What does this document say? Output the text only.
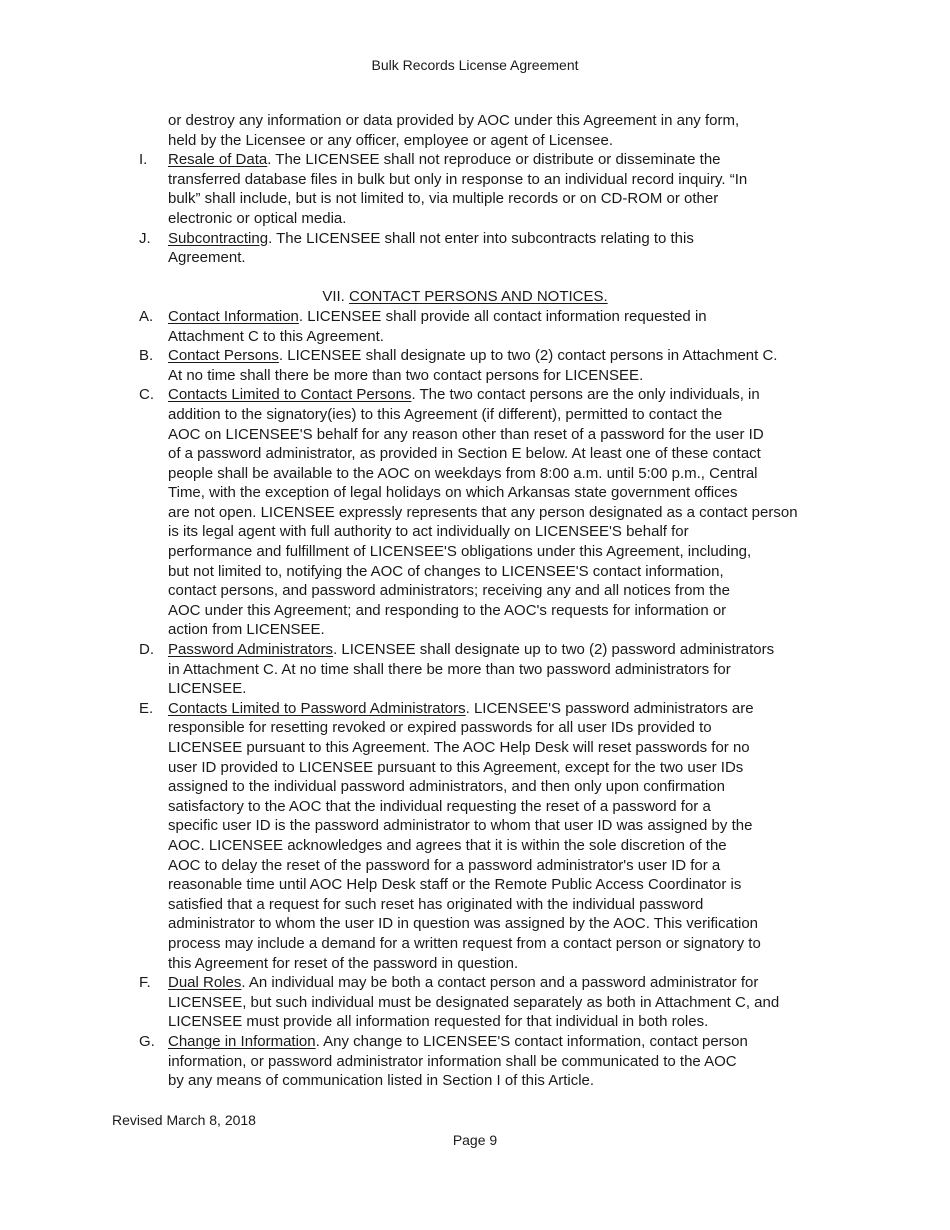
Bulk Records License Agreement
or destroy any information or data provided by AOC under this Agreement in any form,
held by the Licensee or any officer, employee or agent of Licensee.
I. Resale of Data. The LICENSEE shall not reproduce or distribute or disseminate the
transferred database files in bulk but only in response to an individual record inquiry. “In
bulk” shall include, but is not limited to, via multiple records or on CD-ROM or other
electronic or optical media.
J. Subcontracting. The LICENSEE shall not enter into subcontracts relating to this
Agreement.
VII. CONTACT PERSONS AND NOTICES.
A. Contact Information. LICENSEE shall provide all contact information requested in
Attachment C to this Agreement.
B. Contact Persons. LICENSEE shall designate up to two (2) contact persons in Attachment C.
At no time shall there be more than two contact persons for LICENSEE.
C. Contacts Limited to Contact Persons. The two contact persons are the only individuals, in
addition to the signatory(ies) to this Agreement (if different), permitted to contact the
AOC on LICENSEE'S behalf for any reason other than reset of a password for the user ID
of a password administrator, as provided in Section E below. At least one of these contact
people shall be available to the AOC on weekdays from 8:00 a.m. until 5:00 p.m., Central
Time, with the exception of legal holidays on which Arkansas state government offices
are not open. LICENSEE expressly represents that any person designated as a contact person
is its legal agent with full authority to act individually on LICENSEE'S behalf for
performance and fulfillment of LICENSEE'S obligations under this Agreement, including,
but not limited to, notifying the AOC of changes to LICENSEE'S contact information,
contact persons, and password administrators; receiving any and all notices from the
AOC under this Agreement; and responding to the AOC's requests for information or
action from LICENSEE.
D. Password Administrators. LICENSEE shall designate up to two (2) password administrators
in Attachment C. At no time shall there be more than two password administrators for
LICENSEE.
E. Contacts Limited to Password Administrators. LICENSEE'S password administrators are
responsible for resetting revoked or expired passwords for all user IDs provided to
LICENSEE pursuant to this Agreement. The AOC Help Desk will reset passwords for no
user ID provided to LICENSEE pursuant to this Agreement, except for the two user IDs
assigned to the individual password administrators, and then only upon confirmation
satisfactory to the AOC that the individual requesting the reset of a password for a
specific user ID is the password administrator to whom that user ID was assigned by the
AOC. LICENSEE acknowledges and agrees that it is within the sole discretion of the
AOC to delay the reset of the password for a password administrator's user ID for a
reasonable time until AOC Help Desk staff or the Remote Public Access Coordinator is
satisfied that a request for such reset has originated with the individual password
administrator to whom the user ID in question was assigned by the AOC. This verification
process may include a demand for a written request from a contact person or signatory to
this Agreement for reset of the password in question.
F. Dual Roles. An individual may be both a contact person and a password administrator for
LICENSEE, but such individual must be designated separately as both in Attachment C, and
LICENSEE must provide all information requested for that individual in both roles.
G. Change in Information. Any change to LICENSEE'S contact information, contact person
information, or password administrator information shall be communicated to the AOC
by any means of communication listed in Section I of this Article.
Revised March 8, 2018
Page 9
